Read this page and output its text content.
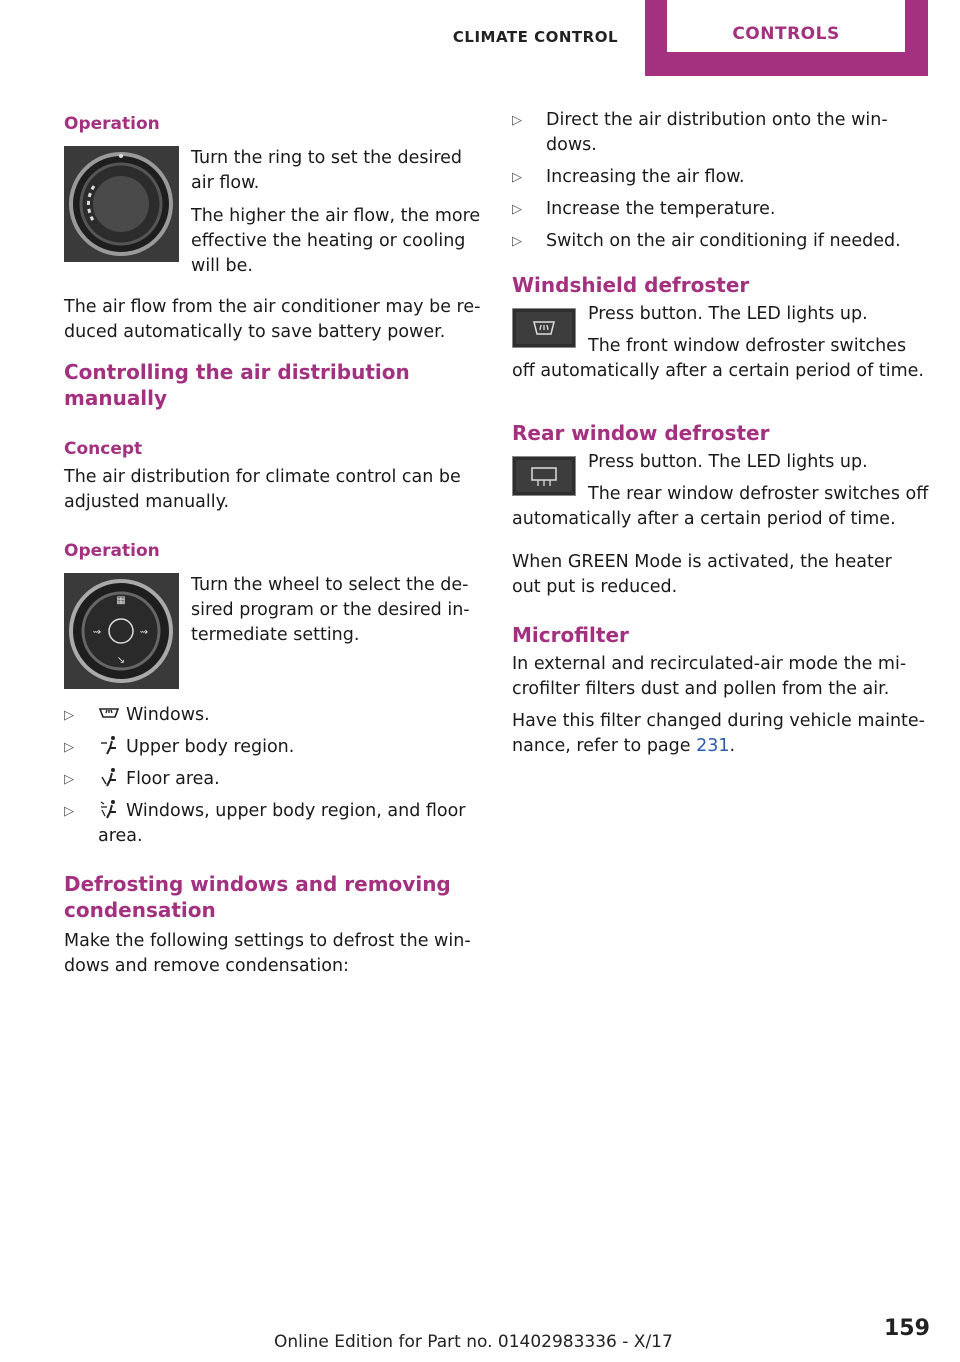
CLIMATE CONTROL	CONTROLS
Operation

Turn the ring to set the desired air flow.

The higher the air flow, the more effective the heating or cooling will be.

The air flow from the air conditioner may be re duced automatically to save battery power.

Controlling the air distribution manually
Concept

The air distribution for climate control can be adjusted manually.

Operation
▦
⇝	⇝
↘

Turn the wheel to select the de sired program or the desired in termediate setting.

▷	Windows.
▷	Upper body region.
▷	Floor area.
▷	Windows, upper body region, and floor area.
Defrosting windows and removing condensation

Make the following settings to defrost the win dows and remove condensation:

▷ Direct the air distribution onto the win dows.
▷ Increasing the air flow.
▷ Increase the temperature.
▷ Switch on the air conditioning if needed.
Windshield defroster

Press button. The LED lights up.

The front window defroster switches off automatically after a certain period of time.

Rear window defroster

Press button. The LED lights up.

The rear window defroster switches off automatically after a certain period of time.

When GREEN Mode is activated, the heater out put is reduced.

Microfilter

In external and recirculated-air mode the mi crofilter filters dust and pollen from the air.

Have this filter changed during vehicle mainte nance, refer to page 231.

159
Online Edition for Part no. 01402983336 - X/17
